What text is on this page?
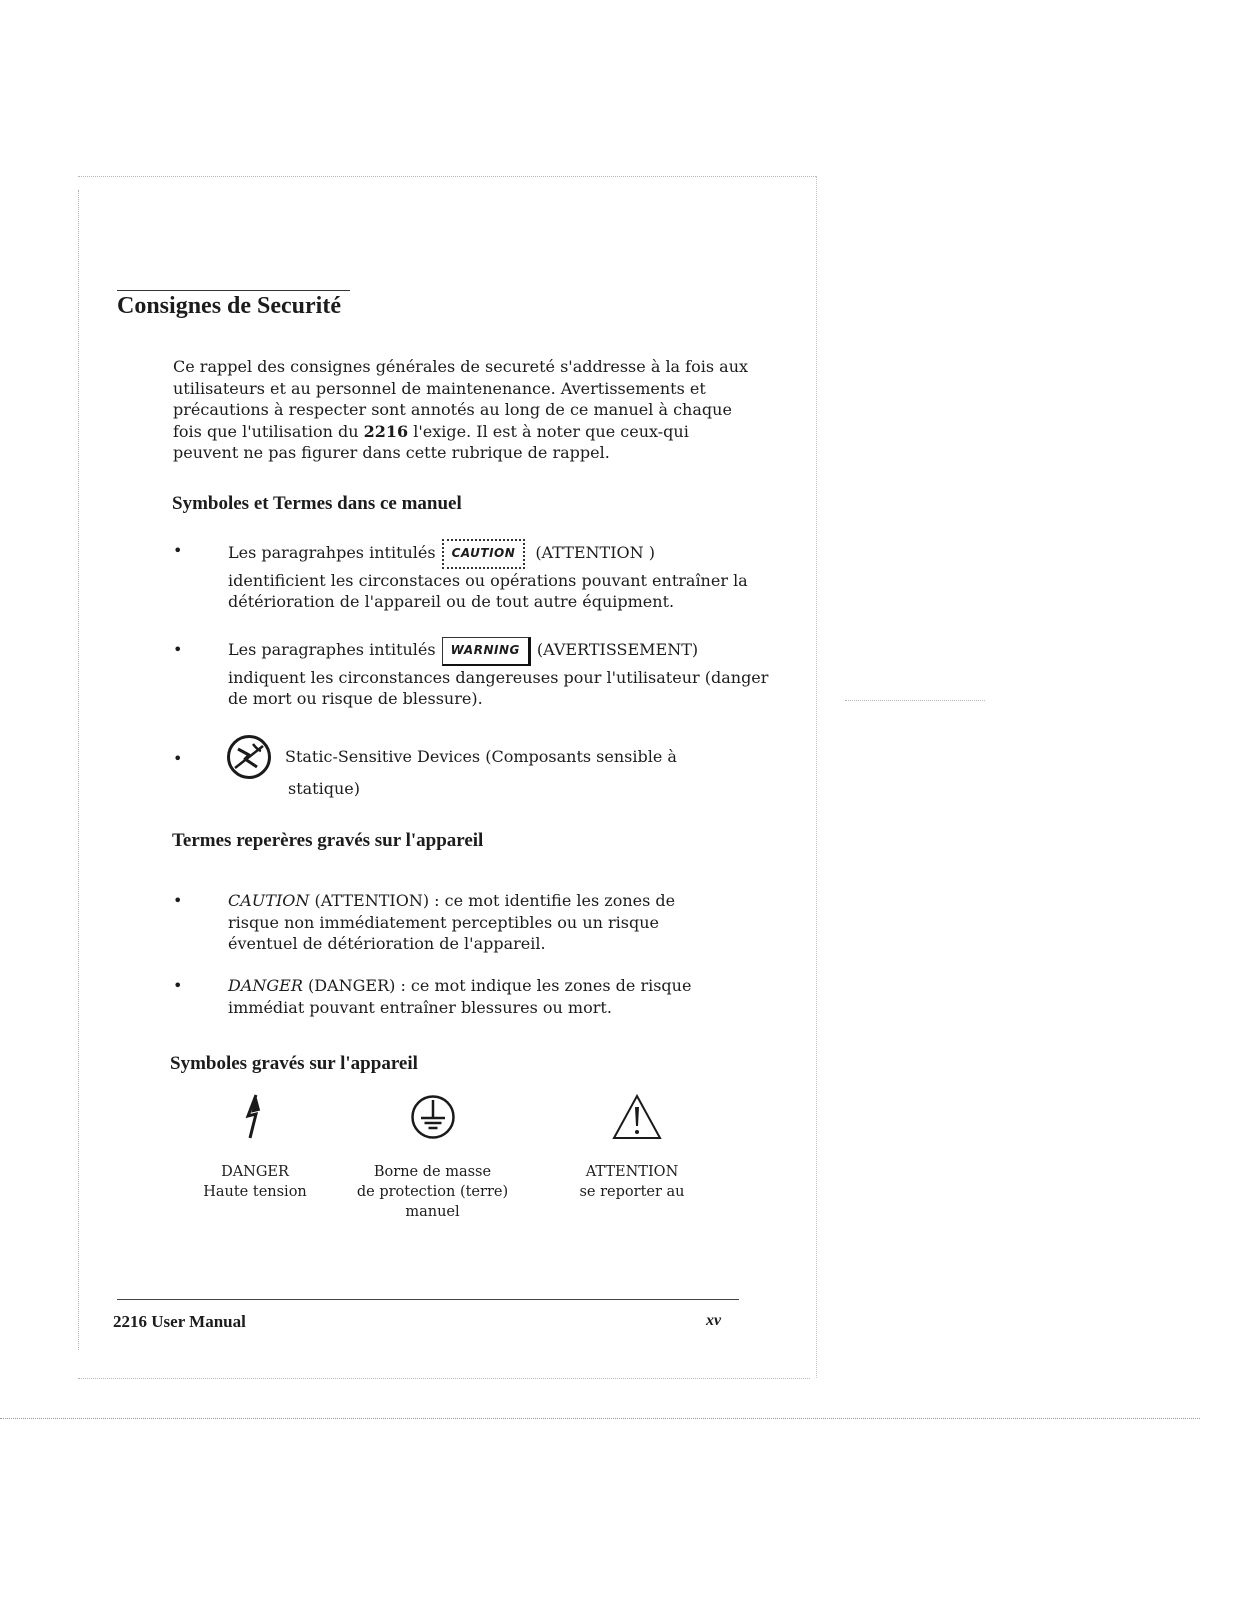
Consignes de Securité

Ce rappel des consignes générales de secureté s'addresse à la fois aux utilisateurs et au personnel de maintenenance. Avertissements et précautions à respecter sont annotés au long de ce manuel à chaque fois que l'utilisation du 2216 l'exige. Il est à noter que ceux-qui peuvent ne pas figurer dans cette rubrique de rappel.

Symboles et Termes dans ce manuel
•	Les paragrahpes intitulés CAUTION (ATTENTION )
identificient les circonstaces ou opérations pouvant entraîner la détérioration de l'appareil ou de tout autre équipment.

•	Les paragraphes intitulés WARNING (AVERTISSEMENT)
indiquent les circonstances dangereuses pour l'utilisateur (danger de mort ou risque de blessure).

•	Static-Sensitive Devices (Composants sensible à

statique)

Termes reperères gravés sur l'appareil
•	CAUTION (ATTENTION) : ce mot identifie les zones de risque non immédiatement perceptibles ou un risque éventuel de détérioration de l'appareil.

•	DANGER (DANGER) : ce mot indique les zones de risque immédiat pouvant entraîner blessures ou mort.

Symboles gravés sur l'appareil

DANGER
Haute tension

Borne de masse
de protection (terre)
manuel

ATTENTION
se reporter au

2216 User Manual	xv
